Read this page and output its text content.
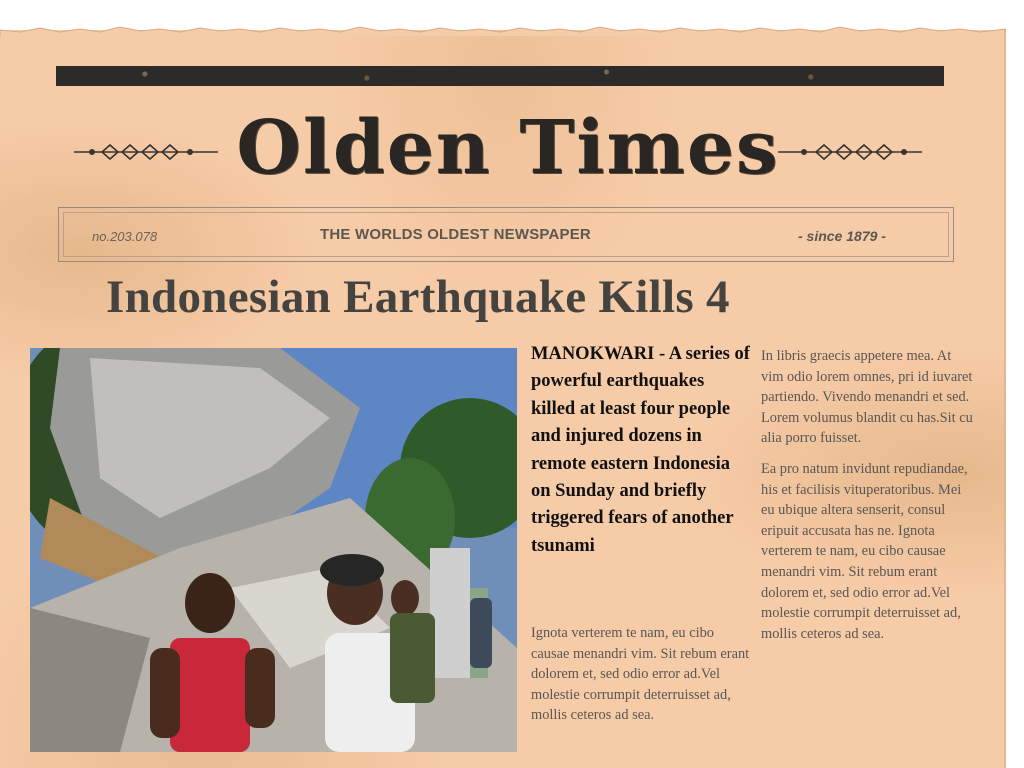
Olden Times
no.203.078	THE WORLDS OLDEST NEWSPAPER	- since 1879 -
Indonesian Earthquake Kills 4

MANOKWARI - A series of powerful earthquakes killed at least four people and injured dozens in remote eastern Indonesia on Sunday and briefly triggered fears of another tsunami

Ignota verterem te nam, eu cibo causae menandri vim. Sit rebum erant dolorem et, sed odio error ad.Vel molestie corrumpit deterruisset ad, mollis ceteros ad sea.

In libris graecis appetere mea. At vim odio lorem omnes, pri id iuvaret partiendo. Vivendo menandri et sed. Lorem volumus blandit cu has.Sit cu alia porro fuisset.

Ea pro natum invidunt repudiandae, his et facilisis vituperatoribus. Mei eu ubique altera senserit, consul eripuit accusata has ne. Ignota verterem te nam, eu cibo causae menandri vim. Sit rebum erant dolorem et, sed odio error ad.Vel molestie corrumpit deterruisset ad, mollis ceteros ad sea.
